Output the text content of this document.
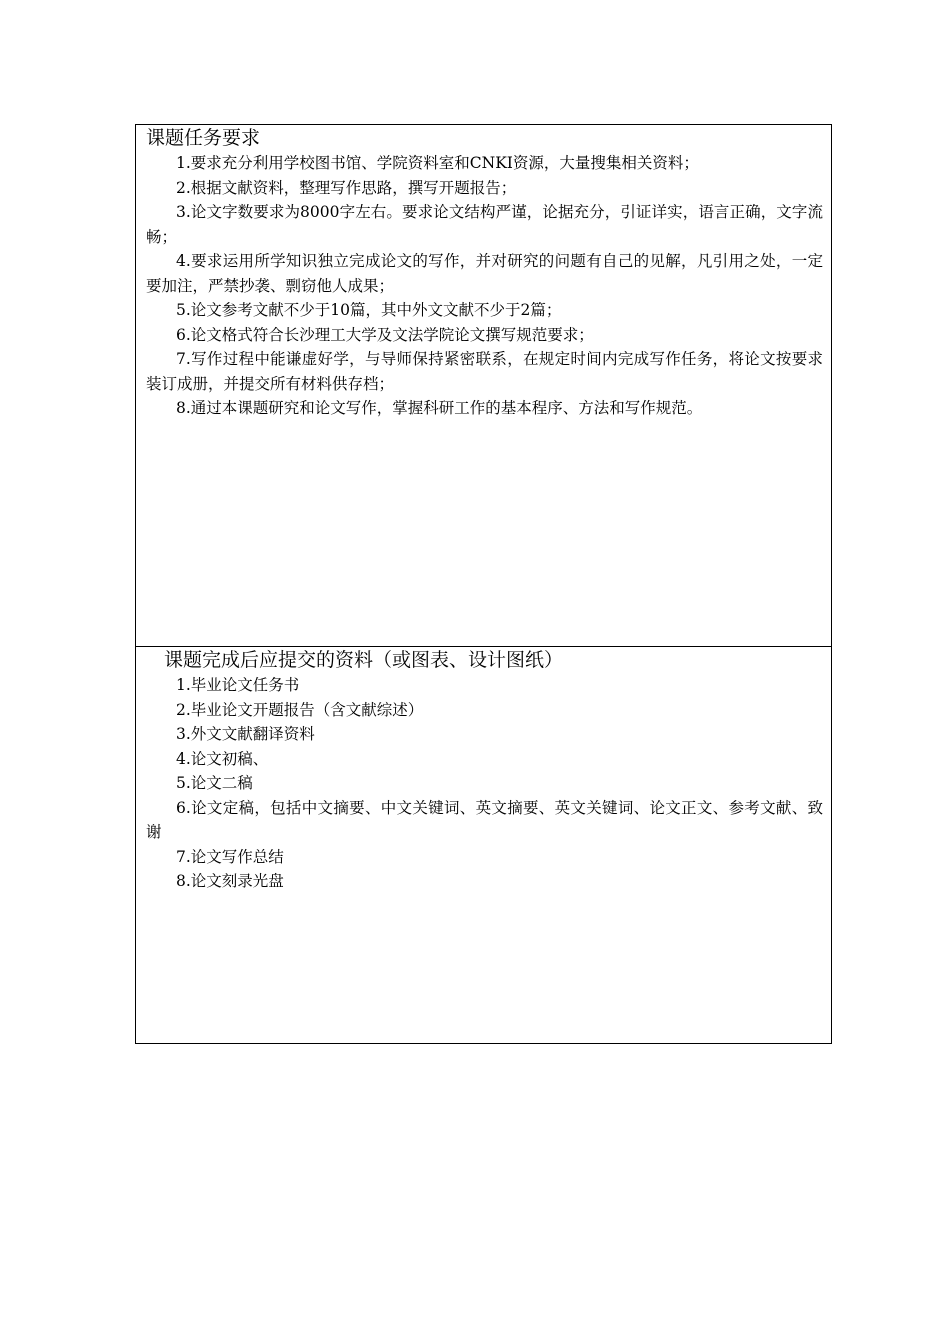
课题任务要求

1.要求充分利用学校图书馆、学院资料室和CNKI资源，大量搜集相关资料；

2.根据文献资料，整理写作思路，撰写开题报告；

3.论文字数要求为8000字左右。要求论文结构严谨，论据充分，引证详实，语言正确，文字流畅；

4.要求运用所学知识独立完成论文的写作，并对研究的问题有自己的见解，凡引用之处，一定要加注，严禁抄袭、剽窃他人成果；

5.论文参考文献不少于10篇，其中外文文献不少于2篇；

6.论文格式符合长沙理工大学及文法学院论文撰写规范要求；

7.写作过程中能谦虚好学，与导师保持紧密联系，在规定时间内完成写作任务，将论文按要求装订成册，并提交所有材料供存档；

8.通过本课题研究和论文写作，掌握科研工作的基本程序、方法和写作规范。

课题完成后应提交的资料（或图表、设计图纸）

1.毕业论文任务书

2.毕业论文开题报告（含文献综述）

3.外文文献翻译资料

4.论文初稿、

5.论文二稿

6.论文定稿，包括中文摘要、中文关键词、英文摘要、英文关键词、论文正文、参考文献、致谢

7.论文写作总结

8.论文刻录光盘
